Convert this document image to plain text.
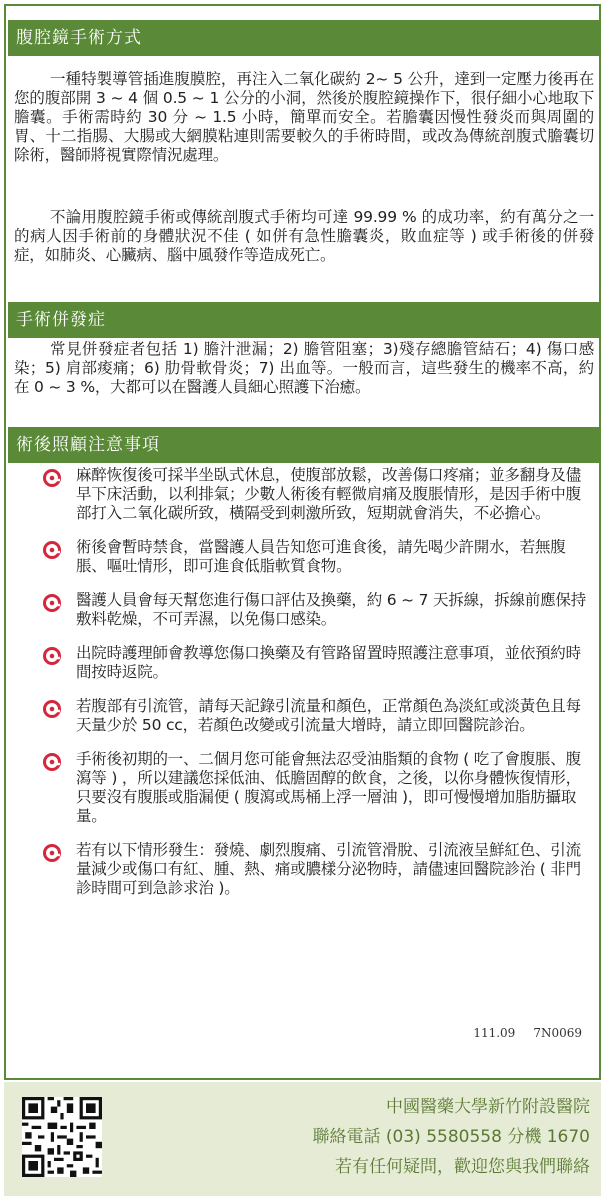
腹腔鏡手術方式
一種特製導管插進腹膜腔，再注入二氧化碳約 2~ 5 公升，達到一定壓力後再在您的腹部開 3 ~ 4 個 0.5 ~ 1 公分的小洞，然後於腹腔鏡操作下，很仔細小心地取下膽囊。手術需時約 30 分 ~ 1.5 小時，簡單而安全。若膽囊因慢性發炎而與周圍的胃、十二指腸、大腸或大網膜粘連則需要較久的手術時間，或改為傳統剖腹式膽囊切除術，醫師將視實際情況處理。
不論用腹腔鏡手術或傳統剖腹式手術均可達 99.99 % 的成功率，約有萬分之一的病人因手術前的身體狀況不佳 ( 如併有急性膽囊炎，敗血症等 ) 或手術後的併發症，如肺炎、心臟病、腦中風發作等造成死亡。
手術併發症
常見併發症者包括 1) 膽汁泄漏；2) 膽管阻塞；3)殘存總膽管結石；4) 傷口感染；5) 肩部痠痛；6) 肋骨軟骨炎；7) 出血等。一般而言，這些發生的機率不高，約在 0 ~ 3 %，大都可以在醫護人員細心照護下治癒。
術後照顧注意事項
麻醉恢復後可採半坐臥式休息，使腹部放鬆，改善傷口疼痛；並多翻身及儘早下床活動，以利排氣；少數人術後有輕微肩痛及腹脹情形，是因手術中腹部打入二氧化碳所致，橫隔受到刺激所致，短期就會消失，不必擔心。
術後會暫時禁食，當醫護人員告知您可進食後，請先喝少許開水，若無腹脹、嘔吐情形，即可進食低脂軟質食物。
醫護人員會每天幫您進行傷口評估及換藥，約 6 ~ 7 天拆線，拆線前應保持敷料乾燥，不可弄濕，以免傷口感染。
出院時護理師會教導您傷口換藥及有管路留置時照護注意事項，並依預約時間按時返院。
若腹部有引流管，請每天記錄引流量和顏色，正常顏色為淡紅或淡黃色且每天量少於 50 cc，若顏色改變或引流量大增時，請立即回醫院診治。
手術後初期的一、二個月您可能會無法忍受油脂類的食物 ( 吃了會腹脹、腹瀉等 ) ，所以建議您採低油、低膽固醇的飲食，之後，以你身體恢復情形，只要沒有腹脹或脂漏便 ( 腹瀉或馬桶上浮一層油 )，即可慢慢增加脂肪攝取量。
若有以下情形發生：發燒、劇烈腹痛、引流管滑脫、引流液呈鮮紅色、引流量減少或傷口有紅、腫、熱、痛或膿樣分泌物時，請儘速回醫院診治 ( 非門診時間可到急診求治 )。
111.09 7N0069
中國醫藥大學新竹附設醫院
聯絡電話 (03) 5580558 分機 1670
若有任何疑問，歡迎您與我們聯絡
